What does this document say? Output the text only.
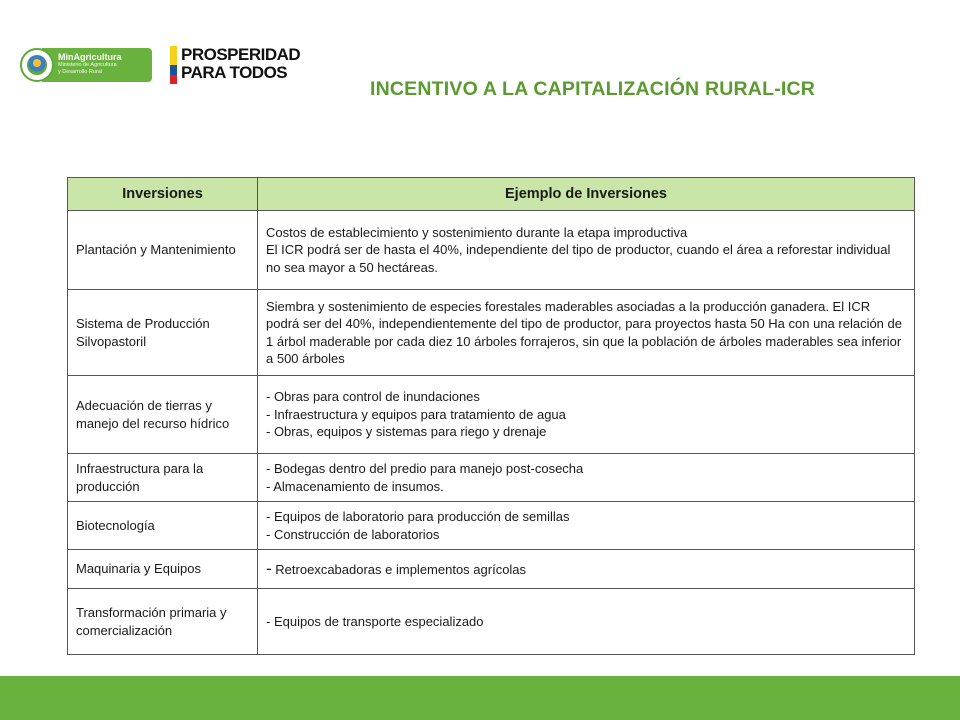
MinAgricultura
Ministerio de Agricultura
y Desarrollo Rural
PROSPERIDAD
PARA TODOS
INCENTIVO A LA CAPITALIZACIÓN RURAL-ICR
Inversiones	Ejemplo de Inversiones
Plantación y Mantenimiento	Costos de establecimiento y sostenimiento durante la etapa improductiva
El ICR podrá ser de hasta el 40%, independiente del tipo de productor, cuando el área a reforestar individual no sea mayor a 50 hectáreas.

Sistema de Producción Silvopastoril	Siembra y sostenimiento de especies forestales maderables asociadas a la producción ganadera. El ICR podrá ser del 40%, independientemente del tipo de productor, para proyectos hasta 50 Ha con una relación de 1 árbol maderable por cada diez 10 árboles forrajeros, sin que la población de árboles maderables sea inferior a 500 árboles

Adecuación de tierras y manejo del recurso hídrico	- Obras para control de inundaciones
- Infraestructura y equipos para tratamiento de agua
- Obras, equipos y sistemas para riego y drenaje

Infraestructura para la producción	- Bodegas dentro del predio para manejo post-cosecha
- Almacenamiento de insumos.

Biotecnología	- Equipos de laboratorio para producción de semillas
- Construcción de laboratorios

Maquinaria y Equipos	- Retroexcabadoras e implementos agrícolas
Transformación primaria y comercialización	- Equipos de transporte especializado
